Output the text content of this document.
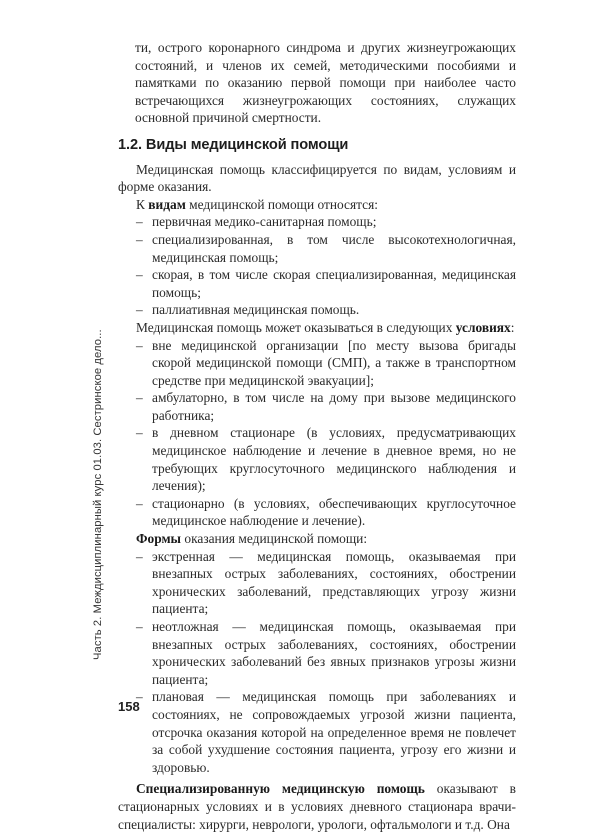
Часть 2. Междисциплинарный курс 01.03. Сестринское дело...

ти, острого коронарного синдрома и других жизнеугрожающих состояний, и членов их семей, методическими пособиями и памятками по оказанию первой помощи при наиболее часто встречающихся жизнеугрожающих состояниях, служащих основной причиной смертности.

1.2. Виды медицинской помощи

Медицинская помощь классифицируется по видам, условиям и форме оказания.

К видам медицинской помощи относятся:

– первичная медико-санитарная помощь;
– специализированная, в том числе высокотехнологичная, медицинская помощь;
– скорая, в том числе скорая специализированная, медицинская помощь;
– паллиативная медицинская помощь.

Медицинская помощь может оказываться в следующих условиях:

– вне медицинской организации [по месту вызова бригады скорой медицинской помощи (СМП), а также в транспортном средстве при медицинской эвакуации];
– амбулаторно, в том числе на дому при вызове медицинского работника;
– в дневном стационаре (в условиях, предусматривающих медицинское наблюдение и лечение в дневное время, но не требующих круглосуточного медицинского наблюдения и лечения);
– стационарно (в условиях, обеспечивающих круглосуточное медицинское наблюдение и лечение).

Формы оказания медицинской помощи:

– экстренная — медицинская помощь, оказываемая при внезапных острых заболеваниях, состояниях, обострении хронических заболеваний, представляющих угрозу жизни пациента;
– неотложная — медицинская помощь, оказываемая при внезапных острых заболеваниях, состояниях, обострении хронических заболеваний без явных признаков угрозы жизни пациента;
– плановая — медицинская помощь при заболеваниях и состояниях, не сопровождаемых угрозой жизни пациента, отсрочка оказания которой на определенное время не повлечет за собой ухудшение состояния пациента, угрозу его жизни и здоровью.

Специализированную медицинскую помощь оказывают в стационарных условиях и в условиях дневного стационара врачи-специалисты: хирурги, неврологи, урологи, офтальмологи и т.д. Она

158
